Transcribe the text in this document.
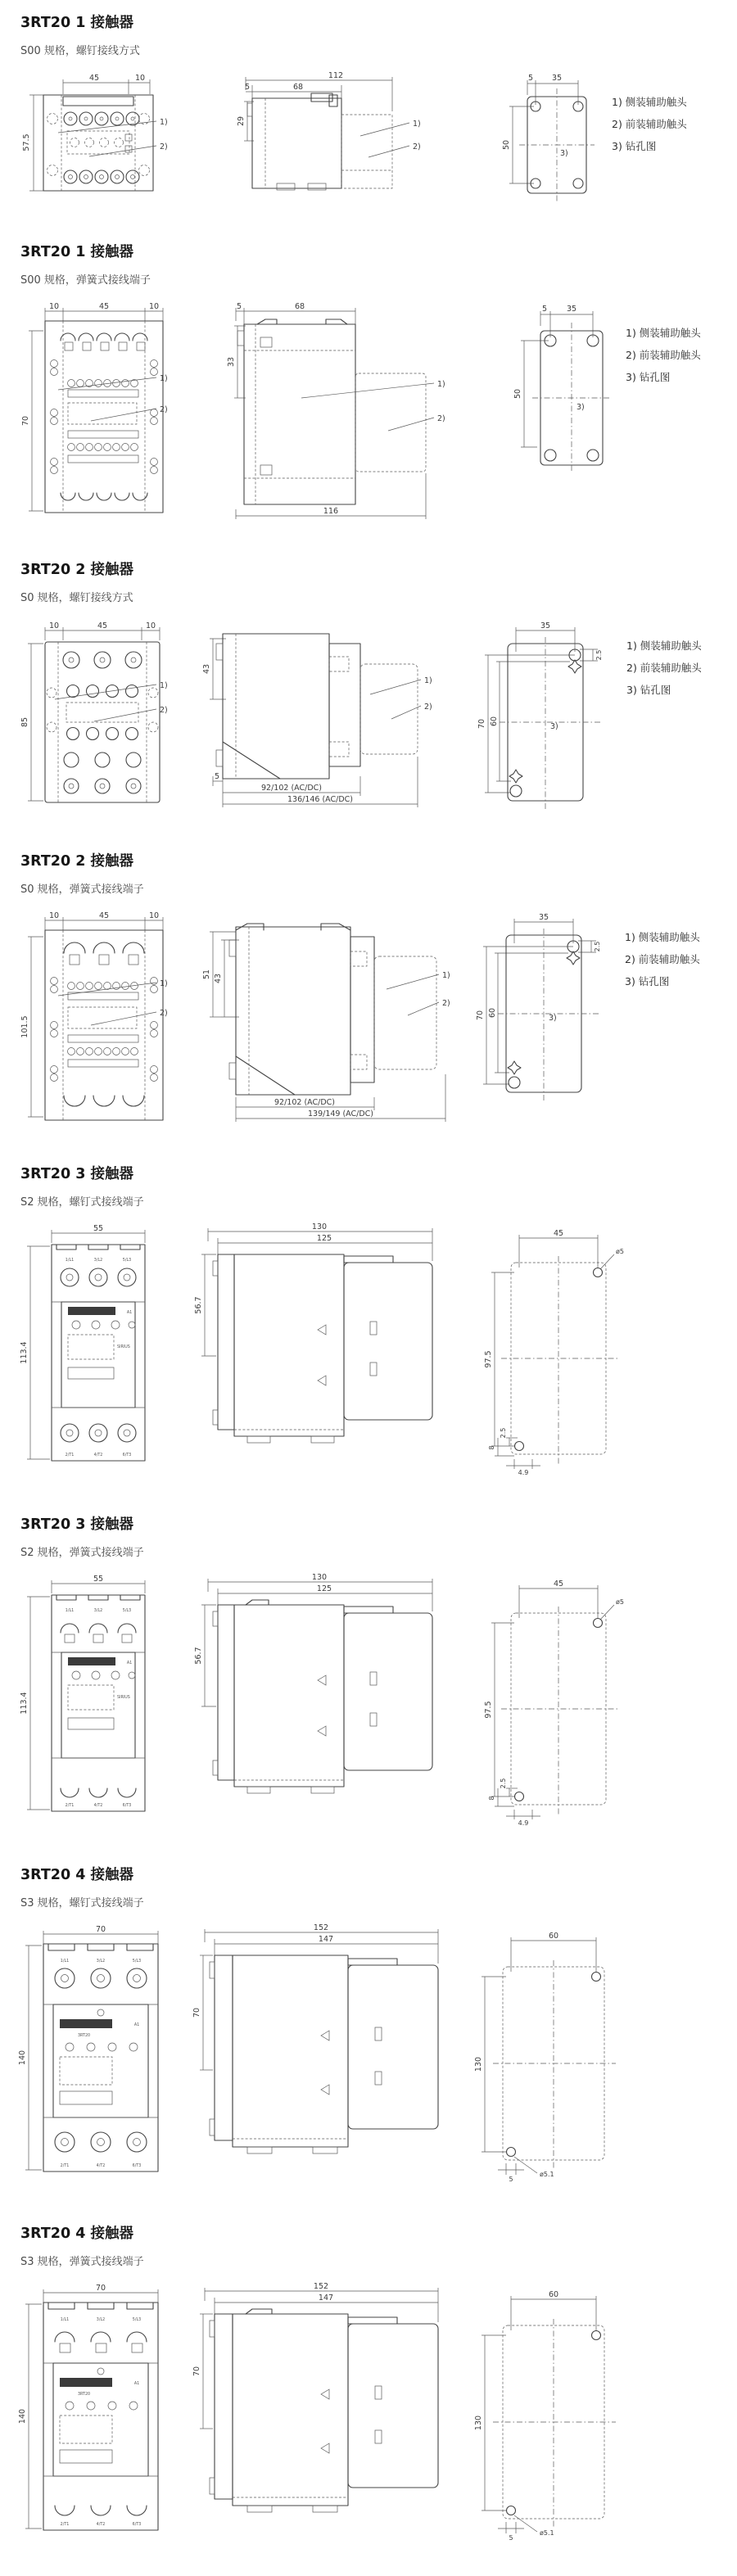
3RT20 1 接触器

S00 规格，螺钉接线方式

45	10
57.5
1)
2)
112
5	68
29	1)
2)
5 35
50
3)
1) 侧装辅助触头
2) 前装辅助触头
3) 钻孔图
3RT20 1 接触器

S00 规格，弹簧式接线端子

10	45	10
70
1)
2)
5	68
33
116
1)
2)
5	35
50
3)
1) 侧装辅助触头
2) 前装辅助触头
3) 钻孔图
3RT20 2 接触器

S0 规格，螺钉接线方式

10	45	10
85
1)
2)
43
5
92/102 (AC/DC)
136/146 (AC/DC)
1)
2)
35
2.5
70 60
3)
1) 侧装辅助触头
2) 前装辅助触头
3) 钻孔图
3RT20 2 接触器

S0 规格，弹簧式接线端子

10	45	10
101.5
1)
2)
51 43
92/102 (AC/DC)
139/149 (AC/DC)
1)
2)
35
2.5
70 60
3)
1) 侧装辅助触头
2) 前装辅助触头
3) 钻孔图
3RT20 3 接触器

S2 规格，螺钉式接线端子

55
113.4
1/L1	3/L2	5/L3
A1
SIRIUS
2/T1	4/T2	6/T3
130
125
56.7
45
ø5
97.5
2.5
8
4.9
3RT20 3 接触器

S2 规格，弹簧式接线端子

55
113.4
1/L1	3/L2	5/L3
A1
SIRIUS
2/T1	4/T2	6/T3
130
125
56.7
45
ø5
97.5
2.5
8
4.9
3RT20 4 接触器

S3 规格，螺钉式接线端子

70
140
1/L1	3/L2	5/L3
A1
3RT20
2/T1	4/T2	6/T3
152
147
70
60
130
5
ø5.1
3RT20 4 接触器

S3 规格，弹簧式接线端子

70
140
1/L1	3/L2	5/L3
A1
3RT20
2/T1	4/T2	6/T3
152
147
70
60
130
5
ø5.1
